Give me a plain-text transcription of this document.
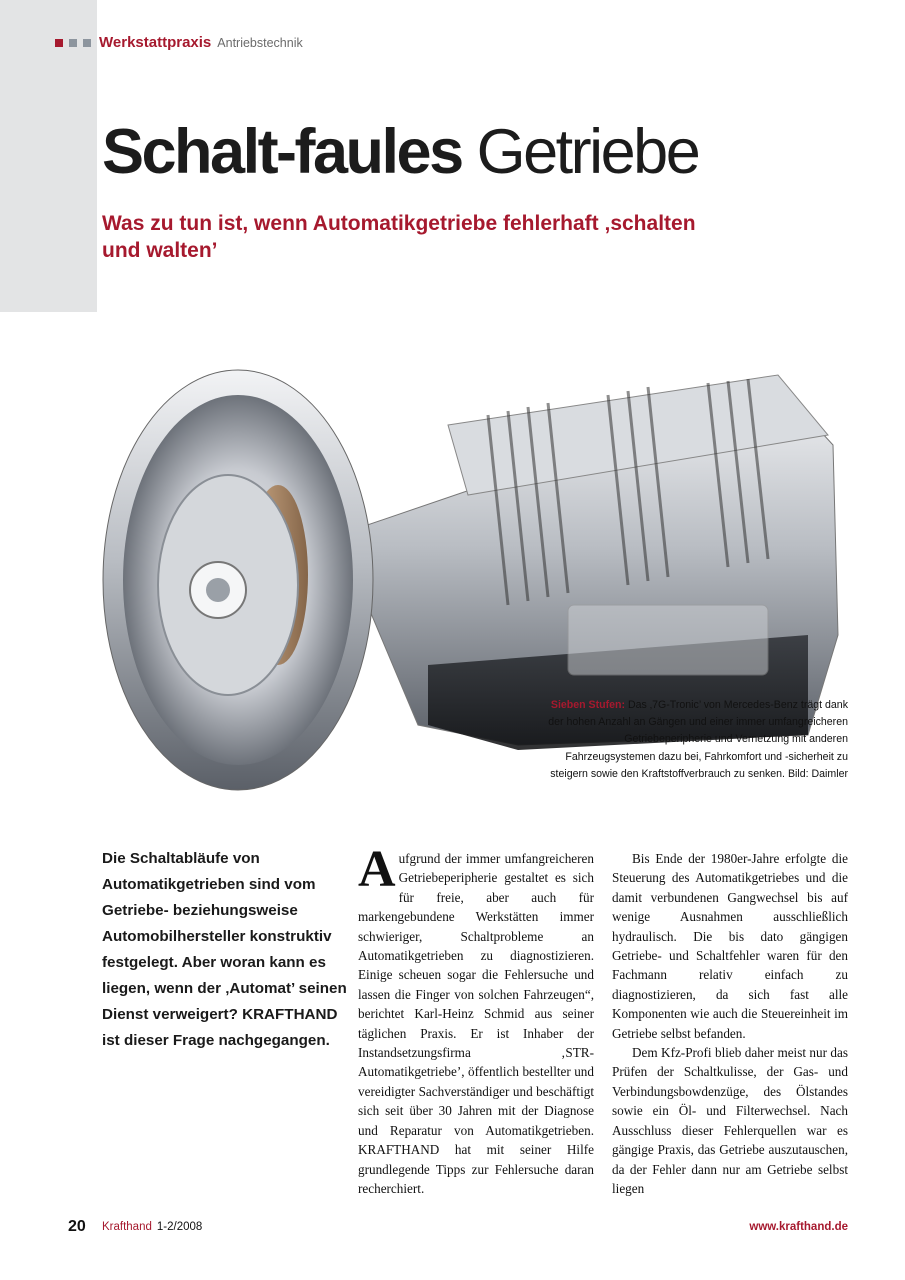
Werkstattpraxis Antriebstechnik
Schalt-faules Getriebe
Was zu tun ist, wenn Automatikgetriebe fehlerhaft ‚schalten und walten’
Sieben Stufen: Das ‚7G-Tronic’ von Mercedes-Benz trägt dank der hohen Anzahl an Gängen und einer immer umfangreicheren Getriebeperipherie und Vernetzung mit anderen Fahrzeugsystemen dazu bei, Fahrkomfort und -sicherheit zu steigern sowie den Kraftstoffverbrauch zu senken. Bild: Daimler

Die Schaltabläufe von Automatikgetrieben sind vom Getriebe- beziehungsweise Automobilhersteller konstruktiv festgelegt. Aber woran kann es liegen, wenn der ‚Automat’ seinen Dienst verweigert? KRAFTHAND ist dieser Frage nachgegangen.

Aufgrund der immer umfangreicheren Getriebeperipherie gestaltet es sich für freie, aber auch für markengebundene Werkstätten immer schwieriger, Schaltprobleme an Automatikgetrieben zu diagnostizieren. Einige scheuen sogar die Fehlersuche und lassen die Finger von solchen Fahrzeugen“, berichtet Karl-Heinz Schmid aus seiner täglichen Praxis. Er ist Inhaber der Instandsetzungsfirma ‚STR-Automatikgetriebe’, öffentlich bestellter und vereidigter Sachverständiger und beschäftigt sich seit über 30 Jahren mit der Diagnose und Reparatur von Automatikgetrieben. KRAFTHAND hat mit seiner Hilfe grundlegende Tipps zur Fehlersuche daran recherchiert.

Bis Ende der 1980er-Jahre erfolgte die Steuerung des Automatikgetriebes und die damit verbundenen Gangwechsel bis auf wenige Ausnahmen ausschließlich hydraulisch. Die bis dato gängigen Getriebe- und Schaltfehler waren für den Fachmann relativ einfach zu diagnostizieren, da sich fast alle Komponenten wie auch die Steuereinheit im Getriebe selbst befanden.

Dem Kfz-Profi blieb daher meist nur das Prüfen der Schaltkulisse, der Gas- und Verbindungsbowdenzüge, des Ölstandes sowie ein Öl- und Filterwechsel. Nach Ausschluss dieser Fehlerquellen war es gängige Praxis, das Getriebe auszutauschen, da der Fehler dann nur am Getriebe selbst liegen

20 Krafthand 1-2/2008	www.krafthand.de
